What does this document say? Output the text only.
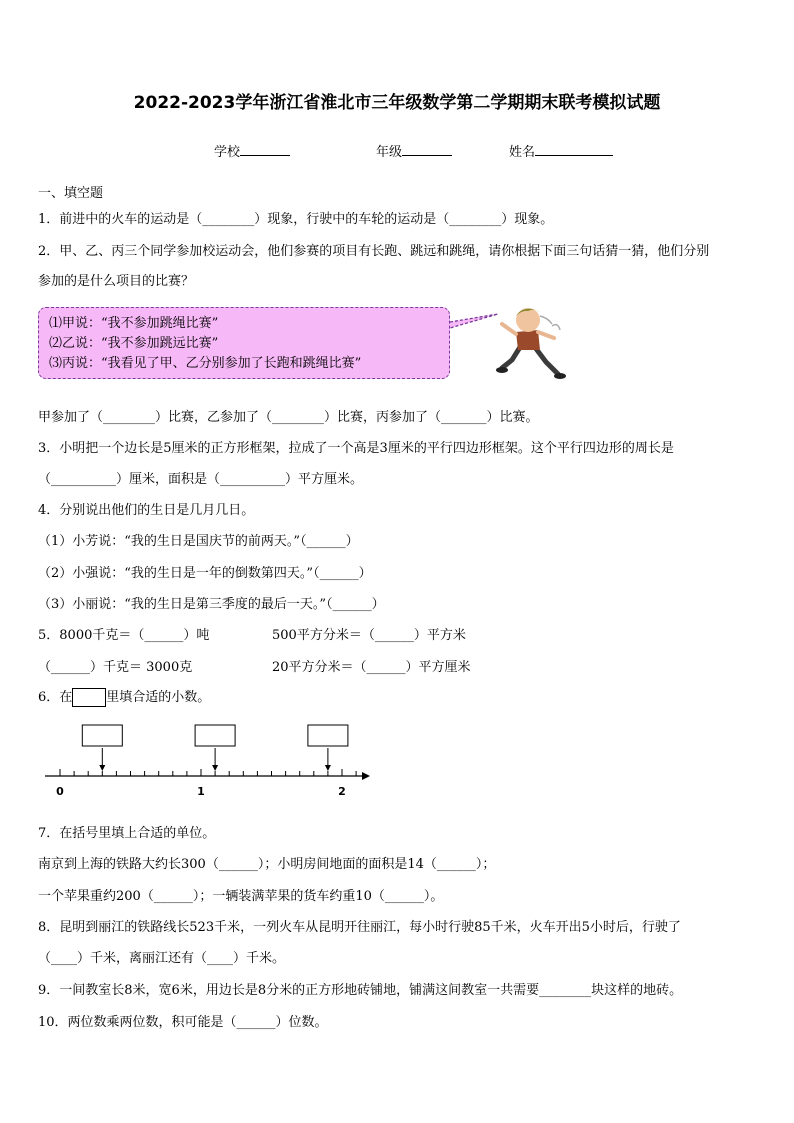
2022-2023学年浙江省淮北市三年级数学第二学期期末联考模拟试题
学校	年级	姓名
一、填空题
1．前进中的火车的运动是（________）现象，行驶中的车轮的运动是（________）现象。
2．甲、乙、丙三个同学参加校运动会，他们参赛的项目有长跑、跳远和跳绳，请你根据下面三句话猜一猜，他们分别
参加的是什么项目的比赛？
⑴甲说：“我不参加跳绳比赛”
⑵乙说：“我不参加跳远比赛”
⑶丙说：“我看见了甲、乙分别参加了长跑和跳绳比赛”
甲参加了（________）比赛，乙参加了（________）比赛，丙参加了（_______）比赛。
3．小明把一个边长是5厘米的正方形框架，拉成了一个高是3厘米的平行四边形框架。这个平行四边形的周长是
（__________）厘米，面积是（__________）平方厘米。
4．分别说出他们的生日是几月几日。
（1）小芳说：“我的生日是国庆节的前两天。”（______）
（2）小强说：“我的生日是一年的倒数第四天。”（______）
（3）小丽说：“我的生日是第三季度的最后一天。”（______）
5．8000千克＝（______）吨	500平方分米＝（______）平方米
（______）千克＝ 3000克	20平方分米＝（______）平方厘米
6．在	里填合适的小数。
0	1	2
7．在括号里填上合适的单位。
南京到上海的铁路大约长300（______）；小明房间地面的面积是14（______）；
一个苹果重约200（______）；一辆装满苹果的货车约重10（______）。
8．昆明到丽江的铁路线长523千米，一列火车从昆明开往丽江，每小时行驶85千米，火车开出5小时后，行驶了
（____）千米，离丽江还有（____）千米。
9．一间教室长8米，宽6米，用边长是8分米的正方形地砖铺地，铺满这间教室一共需要________块这样的地砖。
10．两位数乘两位数，积可能是（______）位数。
